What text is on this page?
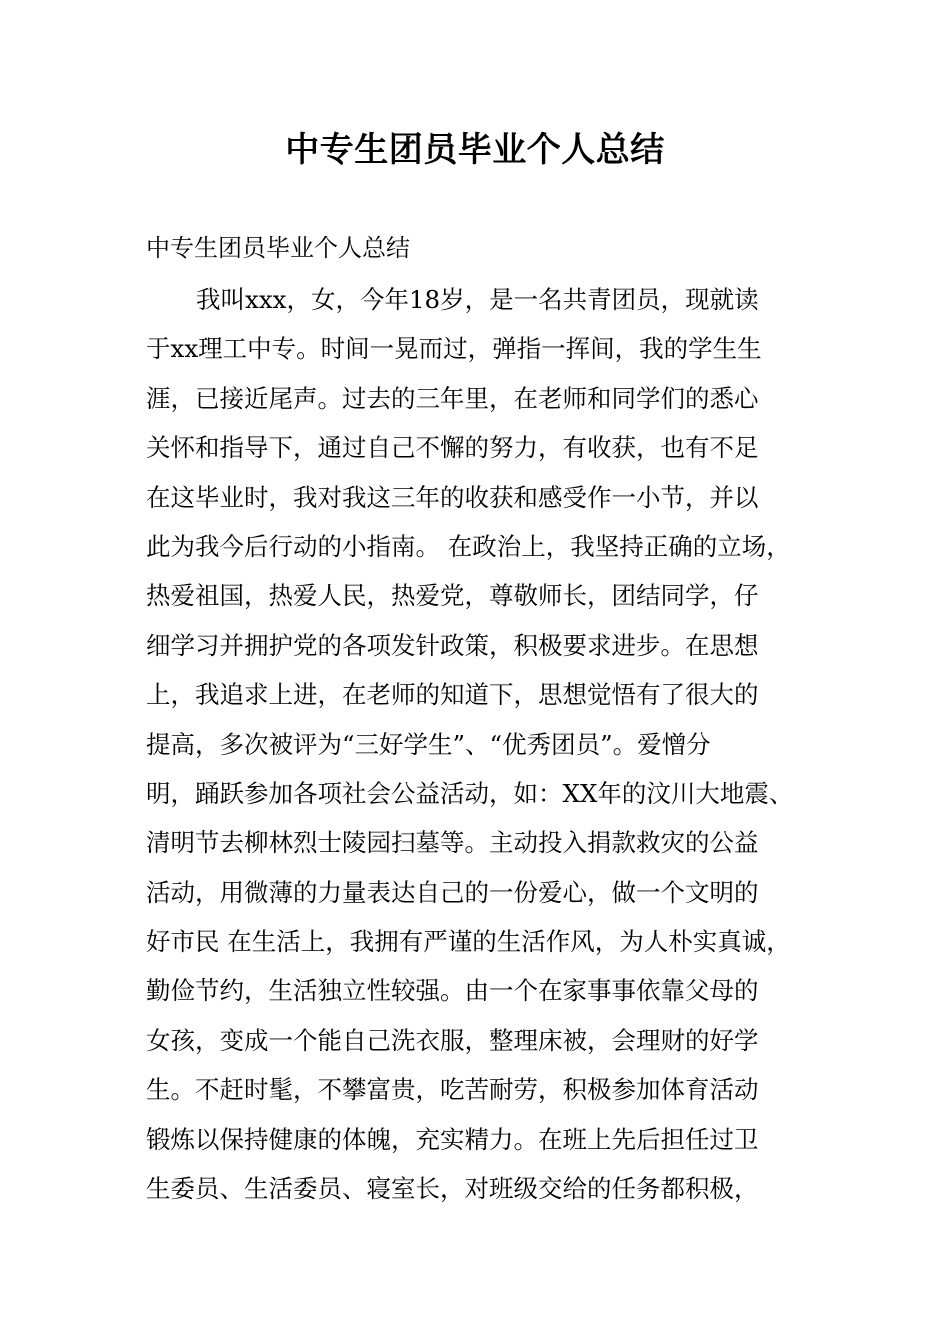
中专生团员毕业个人总结
中专生团员毕业个人总结
我叫xxx，女，今年18岁，是一名共青团员，现就读
于xx理工中专。时间一晃而过，弹指一挥间，我的学生生
涯，已接近尾声。过去的三年里，在老师和同学们的悉心
关怀和指导下，通过自己不懈的努力，有收获，也有不足
在这毕业时，我对我这三年的收获和感受作一小节，并以
此为我今后行动的小指南。 在政治上，我坚持正确的立场，
热爱祖国，热爱人民，热爱党，尊敬师长，团结同学，仔
细学习并拥护党的各项发针政策，积极要求进步。在思想
上，我追求上进，在老师的知道下，思想觉悟有了很大的
提高，多次被评为“三好学生”、“优秀团员”。爱憎分
明，踊跃参加各项社会公益活动，如：XX年的汶川大地震、
清明节去柳林烈士陵园扫墓等。主动投入捐款救灾的公益
活动，用微薄的力量表达自己的一份爱心，做一个文明的
好市民 在生活上，我拥有严谨的生活作风，为人朴实真诚，
勤俭节约，生活独立性较强。由一个在家事事依靠父母的
女孩，变成一个能自己洗衣服，整理床被，会理财的好学
生。不赶时髦，不攀富贵，吃苦耐劳，积极参加体育活动
锻炼以保持健康的体魄，充实精力。在班上先后担任过卫
生委员、生活委员、寝室长，对班级交给的任务都积极，
